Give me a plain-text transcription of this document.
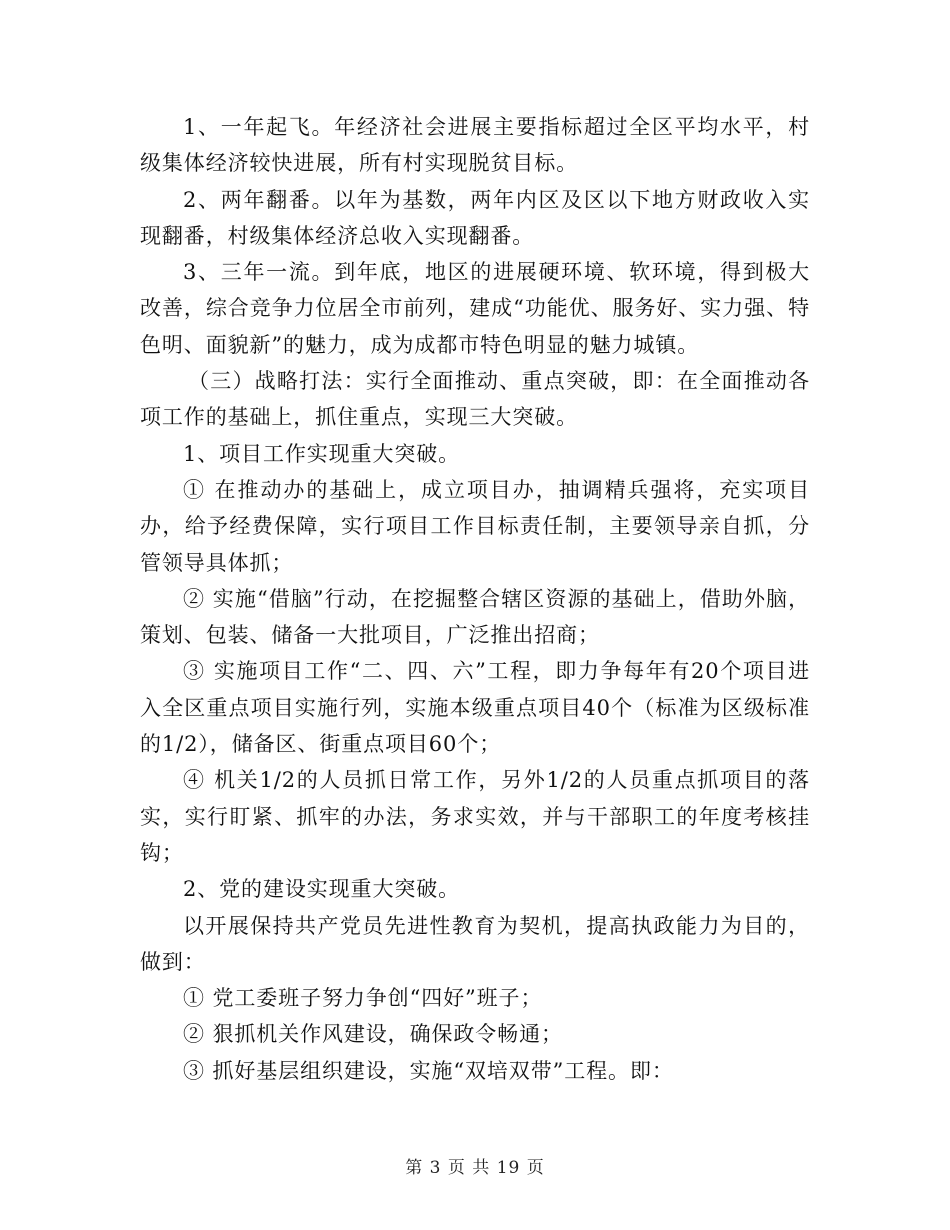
1、一年起飞。年经济社会进展主要指标超过全区平均水平，村级集体经济较快进展，所有村实现脱贫目标。

2、两年翻番。以年为基数，两年内区及区以下地方财政收入实现翻番，村级集体经济总收入实现翻番。

3、三年一流。到年底，地区的进展硬环境、软环境，得到极大改善，综合竞争力位居全市前列，建成“功能优、服务好、实力强、特色明、面貌新”的魅力，成为成都市特色明显的魅力城镇。

（三）战略打法：实行全面推动、重点突破，即：在全面推动各项工作的基础上，抓住重点，实现三大突破。

1、项目工作实现重大突破。

① 在推动办的基础上，成立项目办，抽调精兵强将，充实项目办，给予经费保障，实行项目工作目标责任制，主要领导亲自抓，分管领导具体抓；

② 实施“借脑”行动，在挖掘整合辖区资源的基础上，借助外脑，策划、包装、储备一大批项目，广泛推出招商；

③ 实施项目工作“二、四、六”工程，即力争每年有20个项目进入全区重点项目实施行列，实施本级重点项目40个（标准为区级标准的1/2），储备区、街重点项目60个；

④ 机关1/2的人员抓日常工作，另外1/2的人员重点抓项目的落实，实行盯紧、抓牢的办法，务求实效，并与干部职工的年度考核挂钩；

2、党的建设实现重大突破。

以开展保持共产党员先进性教育为契机，提高执政能力为目的，做到：

① 党工委班子努力争创“四好”班子；

② 狠抓机关作风建设，确保政令畅通；

③ 抓好基层组织建设，实施“双培双带”工程。即：

第 3 页 共 19 页
